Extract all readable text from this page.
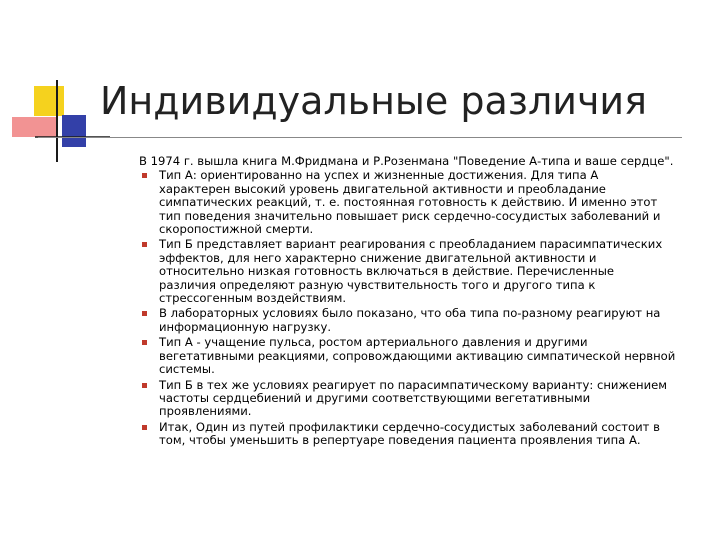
Индивидуальные различия

В 1974 г. вышла книга М.Фридмана и Р.Розенмана "Поведение А-типа и ваше сердце".

Тип А: ориентированно на успех и жизненные достижения. Для типа А
характерен высокий уровень двигательной активности и преобладание
симпатических реакций, т. е. постоянная готовность к действию. И именно этот
тип поведения значительно повышает риск сердечно-сосудистых заболеваний и
скоропостижной смерти.
Тип Б представляет вариант реагирования с преобладанием парасимпатических
эффектов, для него характерно снижение двигательной активности и
относительно низкая готовность включаться в действие. Перечисленные
различия определяют разную чувствительность того и другого типа к
стрессогенным воздействиям.
В лабораторных условиях было показано, что оба типа по-разному реагируют на
информационную нагрузку.
Тип А - учащение пульса, ростом артериального давления и другими
вегетативными реакциями, сопровождающими активацию симпатической нервной
системы.
Тип Б в тех же условиях реагирует по парасимпатическому варианту: снижением
частоты сердцебиений и другими соответствующими вегетативными
проявлениями.
Итак, Один из путей профилактики сердечно-сосудистых заболеваний состоит в
том, чтобы уменьшить в репертуаре поведения пациента проявления типа А.
